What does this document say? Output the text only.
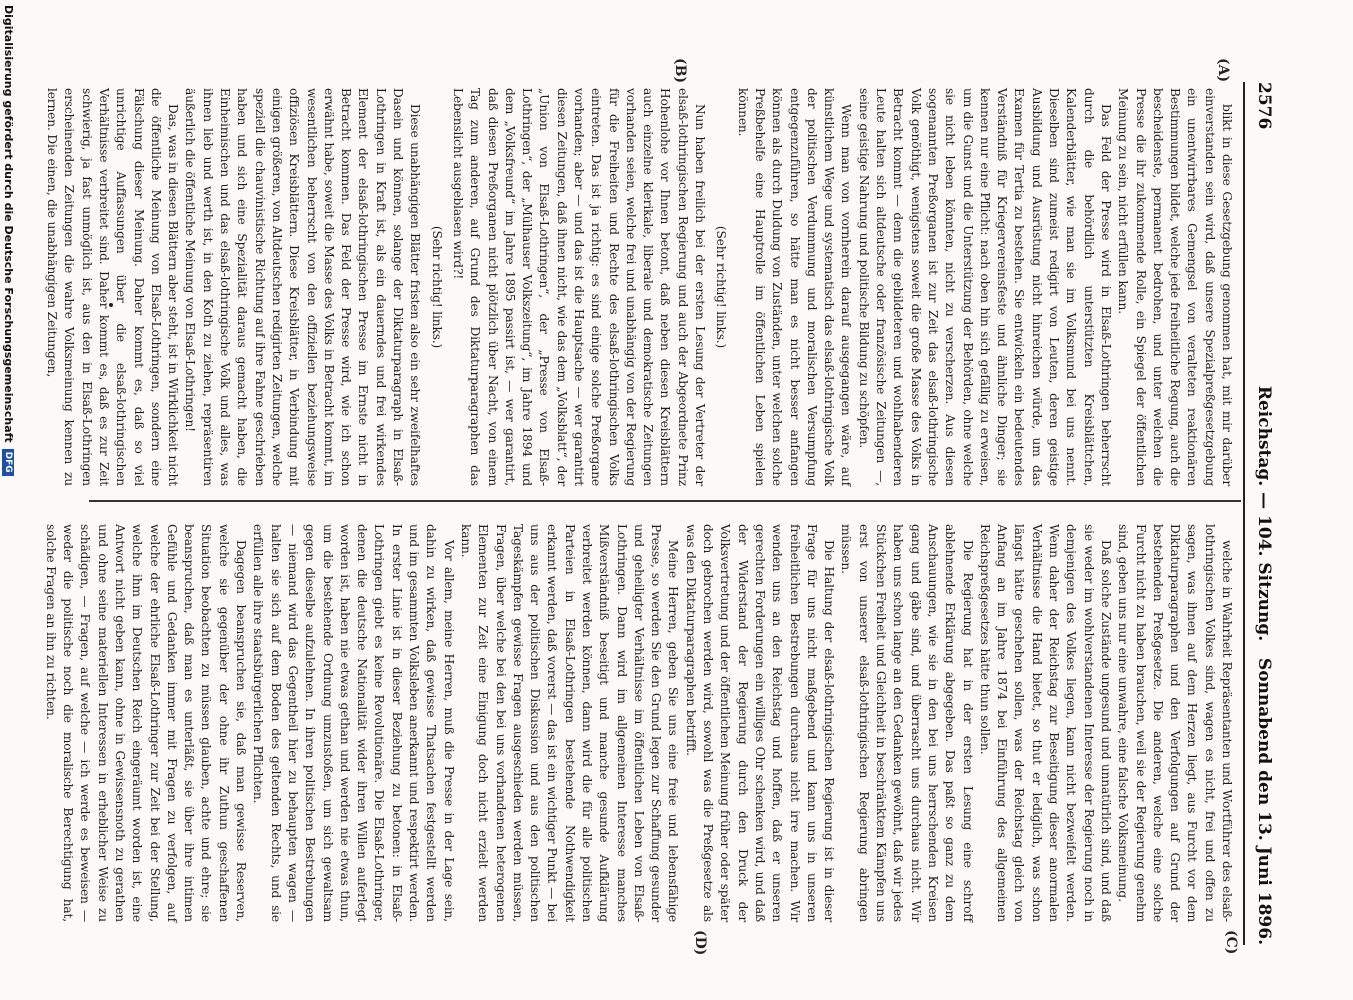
2576
Reichstag. — 104. Sitzung.
Sonnabend den 13. Juni 1896.
(A)
(B)
(C)
(D)

blikt in diese Gesetzgebung genommen hat, mit mir darüber einverstanden sein wird, daß unsere Spezialpreßgesetzgebung ein unentwirrbares Gemengsel von veralteten reaktionären Bestimmungen bildet, welche jede freiheitliche Regung, auch die bescheidenste, permanent bedrohen, und unter welchen die Presse die ihr zukommende Rolle, ein Spiegel der öffentlichen Meinung zu sein, nicht erfüllen kann.

Das Feld der Presse wird in Elsaß-Lothringen beherrscht durch die behördlich unterstützten Kreisblättchen, Kalenderblätter, wie man sie im Volksmund bei uns nennt. Dieselben sind zumeist redigirt von Leuten, deren geistige Ausbildung und Ausrüstung nicht hinreichen würde, um das Examen für Tertia zu bestehen. Sie entwickeln ein bedeutendes Verständniß für Kriegervereinsfeste und ähnliche Dinger; sie kennen nur eine Pflicht: nach oben hin sich gefällig zu erweisen, um die Gunst und die Unterstützung der Behörden, ohne welche sie nicht leben könnten, nicht zu verscherzen. Aus diesen sogenannten Preßorganen ist zur Zeit das elsaß-lothringische Volk genöthigt, wenigstens soweit die große Masse des Volks in Betracht kommt — denn die gebildeteren und wohlhabenderen Leute halten sich altdeutsche oder französische Zeitungen —, seine geistige Nahrung und politische Bildung zu schöpfen.

Wenn man von vornherein darauf ausgegangen wäre, auf künstlichem Wege und systematisch das elsaß-lothringische Volk der politischen Verdummung und moralischen Versumpfung entgegenzuführen, so hätte man es nicht besser anfangen können als durch Duldung von Zuständen, unter welchen solche Preßbehelfe eine Hauptrolle im öffentlichen Leben spielen können.

(Sehr richtig! links.)

Nun haben freilich bei der ersten Lesung der Vertreter der elsaß-lothringischen Regierung und auch der Abgeordnete Prinz Hohenlohe vor Ihnen betont, daß neben diesen Kreisblättern auch einzelne klerikale, liberale und demokratische Zeitungen vorhanden seien, welche frei und unabhängig von der Regierung für die Freiheiten und Rechte des elsaß-lothringischen Volks eintreten. Das ist ja richtig: es sind einige solche Preßorgane vorhanden; aber — und das ist die Hauptsache — wer garantirt diesen Zeitungen, daß ihnen nicht, wie das dem „Volksblatt“, der „Union von Elsaß-Lothringen“, der „Presse von Elsaß-Lothringen“, der „Mülhauser Volkszeitung“, im Jahre 1894 und dem „Volksfreund“ im Jahre 1895 passirt ist, — wer garantirt, daß diesen Preßorganen nicht plötzlich über Nacht, von einem Tag zum anderen, auf Grund des Diktaturparagraphen das Lebenslicht ausgeblasen wird?!

(Sehr richtig! links.)

Diese unabhängigen Blätter fristen also ein sehr zweifelhaftes Dasein und können, solange der Diktaturparagraph in Elsaß-Lothringen in Kraft ist, als ein dauerndes und frei wirkendes Element der elsaß-lothringischen Presse im Ernste nicht in Betracht kommen. Das Feld der Presse wird, wie ich schon erwähnt habe, soweit die Masse des Volks in Betracht kommt, im wesentlichen beherrscht von den offiziellen beziehungsweise offiziösen Kreisblättern. Diese Kreisblätter, in Verbindung mit einigen größeren, von Altdeutschen redigirten Zeitungen, welche speziell die chauvinistische Richtung auf ihre Fahne geschrieben haben und sich eine Spezialität daraus gemacht haben, die Einheimischen und das elsaß-lothringische Volk und alles, was ihnen lieb und werth ist, in den Koth zu ziehen, repräsentiren äußerlich die öffentliche Meinung von Elsaß-Lothringen!

Das, was in diesen Blättern aber steht, ist in Wirklichkeit nicht die öffentliche Meinung von Elsaß-Lothringen, sondern eine Fälschung dieser Meinung. Daher kommt es, daß so viel unrichtige Auffassungen über die elsaß-lothringischen Verhältnisse verbreitet sind. Daher kommt es, daß es zur Zeit schwierig, ja fast unmöglich ist, aus den in Elsaß-Lothringen erscheinenden Zeitungen die wahre Volksmeinung kennen zu lernen. Die einen, die unabhängigen Zeitungen,

welche in Wahrheit Repräsentanten und Wortführer des elsaß-lothringischen Volkes sind, wagen es nicht, frei und offen zu sagen, was ihnen auf dem Herzen liegt, aus Furcht vor dem Diktaturparagraphen und den Verfolgungen auf Grund der bestehenden Preßgesetze. Die anderen, welche eine solche Furcht nicht zu haben brauchen, weil sie der Regierung genehm sind, geben uns nur eine unwahre, eine falsche Volksmeinung.

Daß solche Zustände ungesund und unnatürlich sind, und daß sie weder im wohlverstandenen Interesse der Regierung noch in demjenigen des Volkes liegen, kann nicht bezweifelt werden. Wenn daher der Reichstag zur Beseitigung dieser anormalen Verhältnisse die Hand bietet, so thut er lediglich, was schon längst hätte geschehen sollen, was der Reichstag gleich von Anfang an im Jahre 1874 bei Einführung des allgemeinen Reichspreßgesetzes hätte thun sollen.

Die Regierung hat in der ersten Lesung eine schroff ablehnende Erklärung abgegeben. Das paßt so ganz zu dem Anschauungen, wie sie in den bei uns herrschenden Kreisen gang und gäbe sind, und überrascht uns durchaus nicht. Wir haben uns schon lange an den Gedanken gewöhnt, daß wir jedes Stückchen Freiheit und Gleichheit in beschränktem Kämpfen uns erst von unserer elsaß-lothringischen Regierung abringen müssen.

Die Haltung der elsaß-lothringischen Regierung ist in dieser Frage für uns nicht maßgebend und kann uns in unseren freiheitlichen Bestrebungen durchaus nicht irre machen. Wir wenden uns an den Reichstag und hoffen, daß er unseren gerechten Forderungen ein williges Ohr schenken wird, und daß der Widerstand der Regierung durch den Druck der Volksvertretung und der öffentlichen Meinung früher oder später doch gebrochen werden wird, sowohl was die Preßgesetze als was den Diktaturparagraphen betrifft.

Meine Herren, geben Sie uns eine freie und lebensfähige Presse, so werden Sie den Grund legen zur Schaffung gesunder und geheiligter Verhältnisse im öffentlichen Leben von Elsaß-Lothringen. Dann wird im allgemeinen Interesse manches Mißverständniß beseitigt und manche gesunde Aufklärung verbreitet werden können, dann wird die für alle politischen Parteien in Elsaß-Lothringen bestehende Nothwendigkeit erkannt werden, daß vorerst — das ist ein wichtiger Punkt — bei uns aus der politischen Diskussion und aus den politischen Tageskämpfen gewisse Fragen ausgeschieden werden müssen, Fragen, über welche bei den bei uns vorhandenen heterogenen Elementen zur Zeit eine Einigung doch nicht erzielt werden kann.

Vor allem, meine Herren, muß die Presse in der Lage sein, dahin zu wirken, daß gewisse Thatsachen festgestellt werden und im gesammten Volksleben anerkannt und respektirt werden. In erster Linie ist in dieser Beziehung zu betonen: in Elsaß-Lothringen giebt es keine Revolutionäre. Die Elsaß-Lothringer, denen die deutsche Nationalität wider ihren Willen auferlegt worden ist, haben nie etwas gethan und werden nie etwas thun, um die bestehende Ordnung umzustoßen, um sich gewaltsam gegen dieselbe aufzulehnen. In ihren politischen Bestrebungen — niemand wird das Gegentheil hier zu behaupten wagen — halten sie sich auf dem Boden des geltenden Rechts, und sie erfüllen alle ihre staatsbürgerlichen Pflichten.

Dagegen beanspruchen sie, daß man gewisse Reserven, welche sie gegenüber der ohne ihr Zuthun geschaffenen Situation beobachten zu müssen glauben, achte und ehre; sie beanspruchen, daß man es unterläßt, sie über ihre intimen Gefühle und Gedanken immer mit Fragen zu verfolgen, auf welche der ehrliche Elsaß-Lothringer zur Zeit bei der Stellung, welche ihm im Deutschen Reich eingeräumt worden ist, eine Antwort nicht geben kann, ohne in Gewissensnoth zu gerathen und ohne seine materiellen Interessen in erheblicher Weise zu schädigen, — Fragen, auf welche — ich werde es beweisen — weder die politische noch die moralische Berechtigung hat, solche Fragen an ihn zu richten.

Digitalisierung gefördert durch die Deutsche ForschungsgemeinschaftDFG
